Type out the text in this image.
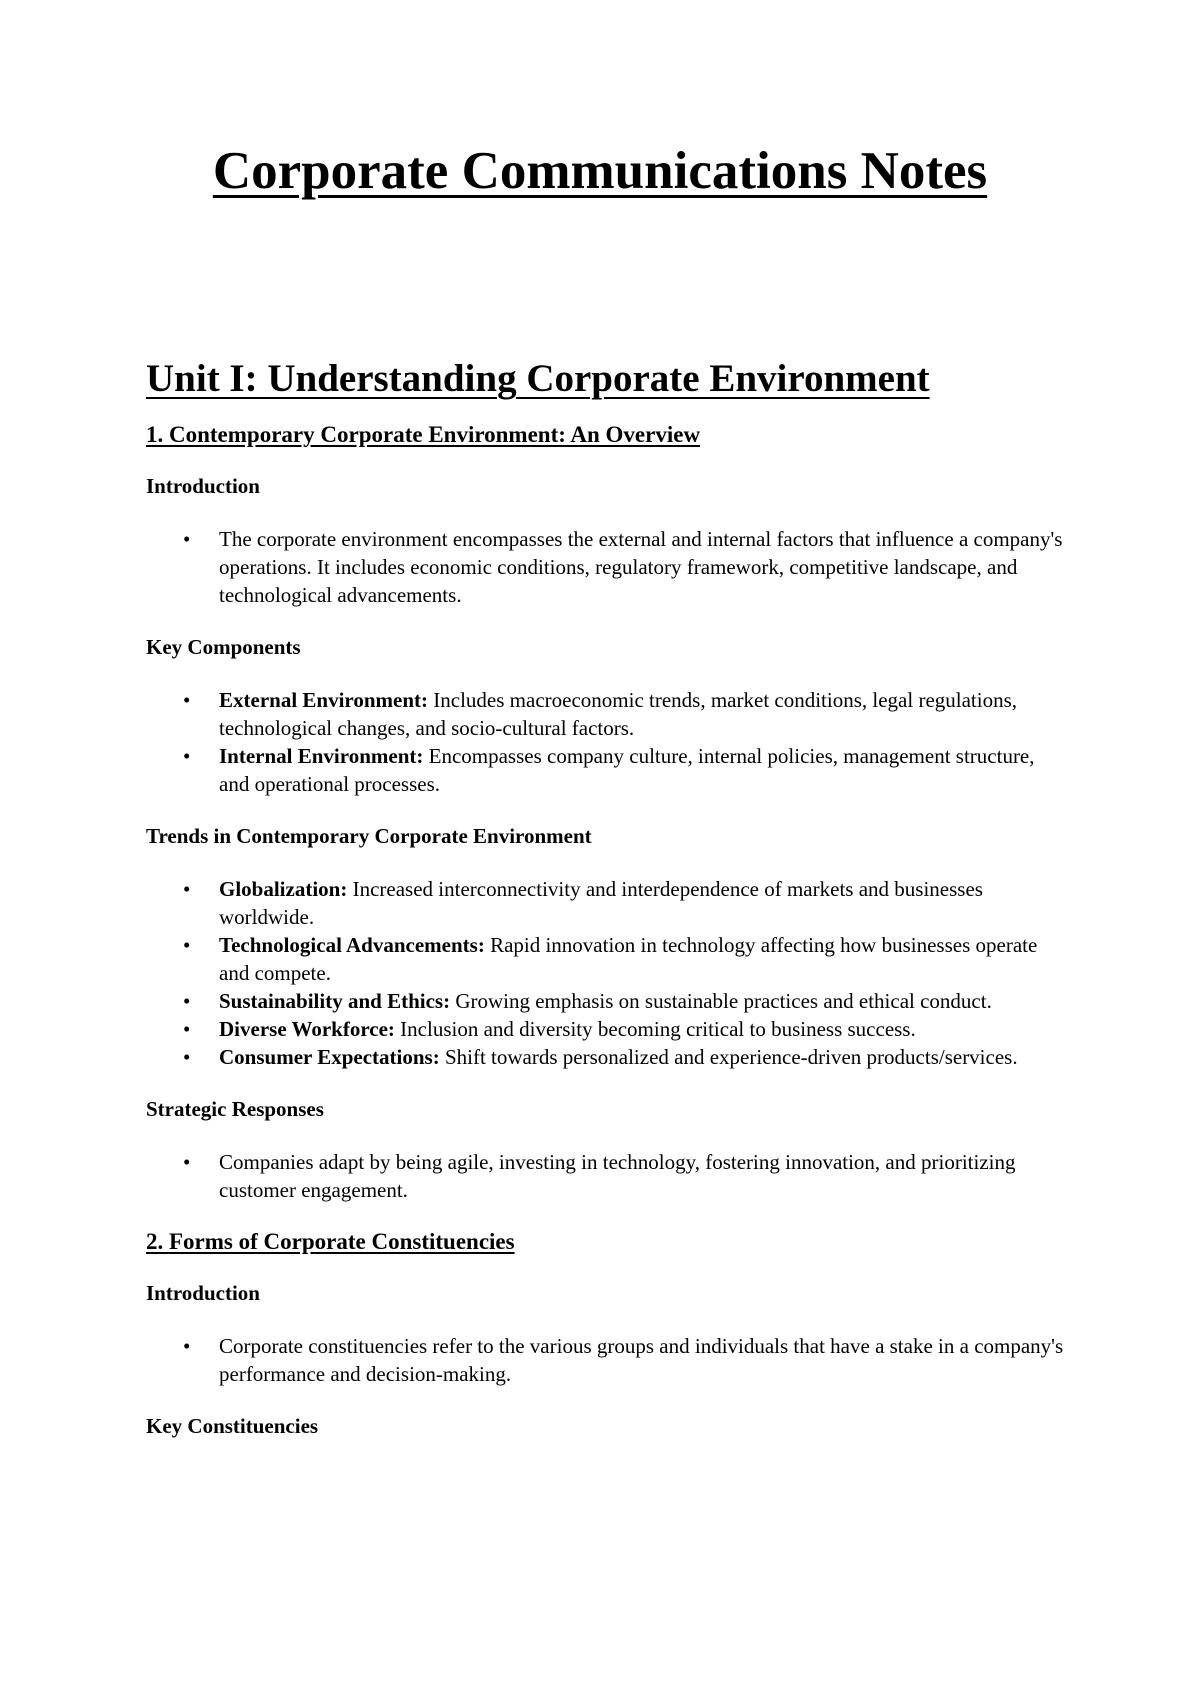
Corporate Communications Notes
Unit I: Understanding Corporate Environment
1. Contemporary Corporate Environment: An Overview
Introduction
• The corporate environment encompasses the external and internal factors that influence a company's operations. It includes economic conditions, regulatory framework, competitive landscape, and technological advancements.
Key Components
• External Environment: Includes macroeconomic trends, market conditions, legal regulations, technological changes, and socio-cultural factors.
• Internal Environment: Encompasses company culture, internal policies, management structure, and operational processes.
Trends in Contemporary Corporate Environment
• Globalization: Increased interconnectivity and interdependence of markets and businesses worldwide.
• Technological Advancements: Rapid innovation in technology affecting how businesses operate and compete.
• Sustainability and Ethics: Growing emphasis on sustainable practices and ethical conduct.
• Diverse Workforce: Inclusion and diversity becoming critical to business success.
• Consumer Expectations: Shift towards personalized and experience-driven products/services.
Strategic Responses
• Companies adapt by being agile, investing in technology, fostering innovation, and prioritizing customer engagement.
2. Forms of Corporate Constituencies
Introduction
• Corporate constituencies refer to the various groups and individuals that have a stake in a company's performance and decision-making.
Key Constituencies
